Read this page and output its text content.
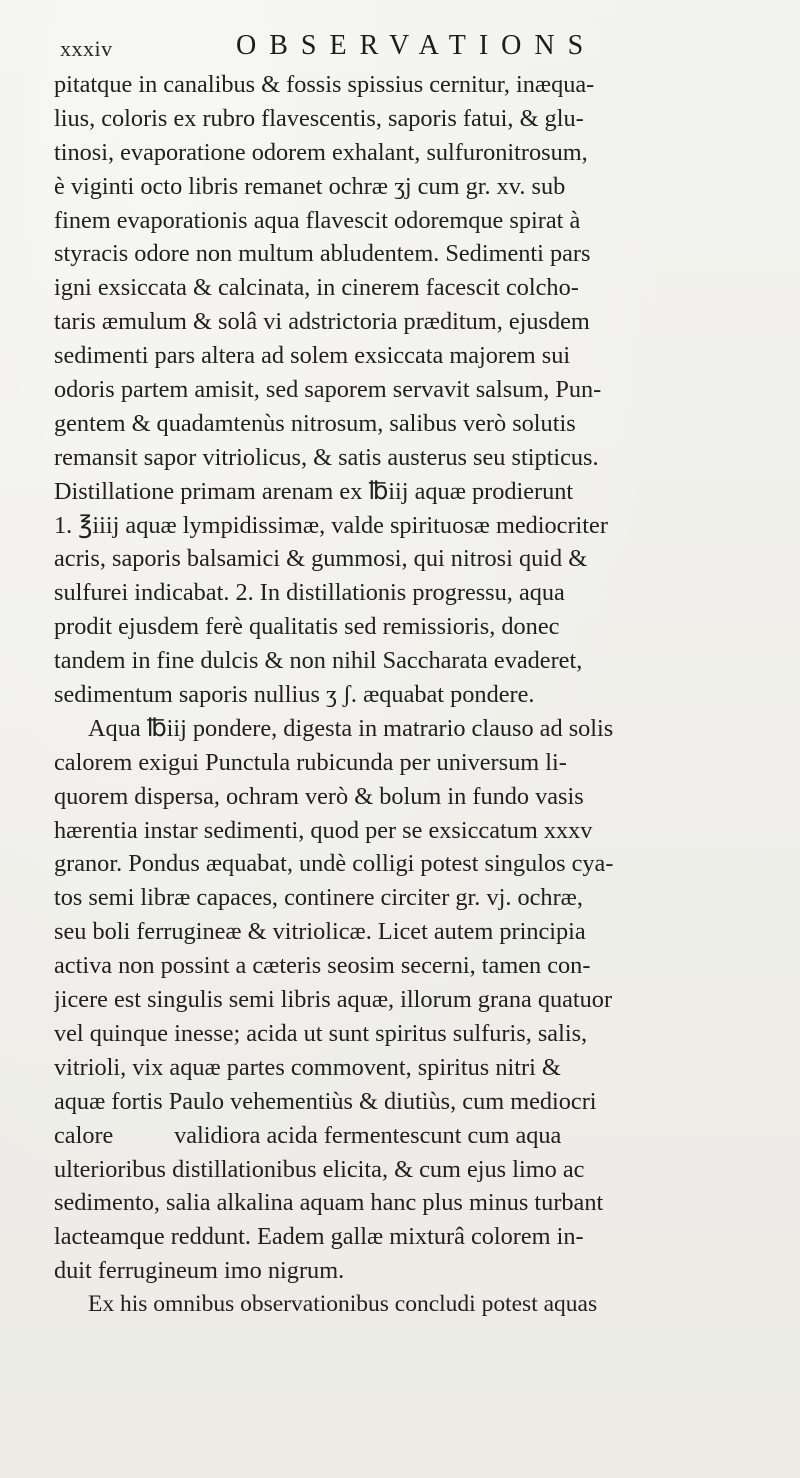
xxxiv	OBSERVATIONS
pitatque in canalibus & fossis spissius cernitur, inæqua-
lius, coloris ex rubro flavescentis, saporis fatui, & glu-
tinosi, evaporatione odorem exhalant, sulfuronitrosum,
è viginti octo libris remanet ochræ ʒj cum gr. xv. sub
finem evaporationis aqua flavescit odoremque spirat à
styracis odore non multum abludentem. Sedimenti pars
igni exsiccata & calcinata, in cinerem facescit colcho-
taris æmulum & solâ vi adstrictoria præditum, ejusdem
sedimenti pars altera ad solem exsiccata majorem sui
odoris partem amisit, sed saporem servavit salsum, Pun-
gentem & quadamtenùs nitrosum, salibus verò solutis
remansit sapor vitriolicus, & satis austerus seu stipticus.
Distillatione primam arenam ex ℔iij aquæ prodierunt
1. ℥iiij aquæ lympidissimæ, valde spirituosæ mediocriter
acris, saporis balsamici & gummosi, qui nitrosi quid &
sulfurei indicabat. 2. In distillationis progressu, aqua
prodit ejusdem ferè qualitatis sed remissioris, donec
tandem in fine dulcis & non nihil Saccharata evaderet,
sedimentum saporis nullius ʒ ʃ. æquabat pondere.
Aqua ℔iij pondere, digesta in matrario clauso ad solis
calorem exigui Punctula rubicunda per universum li-
quorem dispersa, ochram verò & bolum in fundo vasis
hærentia instar sedimenti, quod per se exsiccatum xxxv
granor. Pondus æquabat, undè colligi potest singulos cya-
tos semi libræ capaces, continere circiter gr. vj. ochræ,
seu boli ferrugineæ & vitriolicæ. Licet autem principia
activa non possint a cæteris seosim secerni, tamen con-
jicere est singulis semi libris aquæ, illorum grana quatuor
vel quinque inesse; acida ut sunt spiritus sulfuris, salis,
vitrioli, vix aquæ partes commovent, spiritus nitri &
aquæ fortis Paulo vehementiùs & diutiùs, cum mediocri
calore          validiora acida fermentescunt cum aqua
ulterioribus distillationibus elicita, & cum ejus limo ac
sedimento, salia alkalina aquam hanc plus minus turbant
lacteamque reddunt. Eadem gallæ mixturâ colorem in-
duit ferrugineum imo nigrum.
Ex his omnibus observationibus concludi potest aquas
